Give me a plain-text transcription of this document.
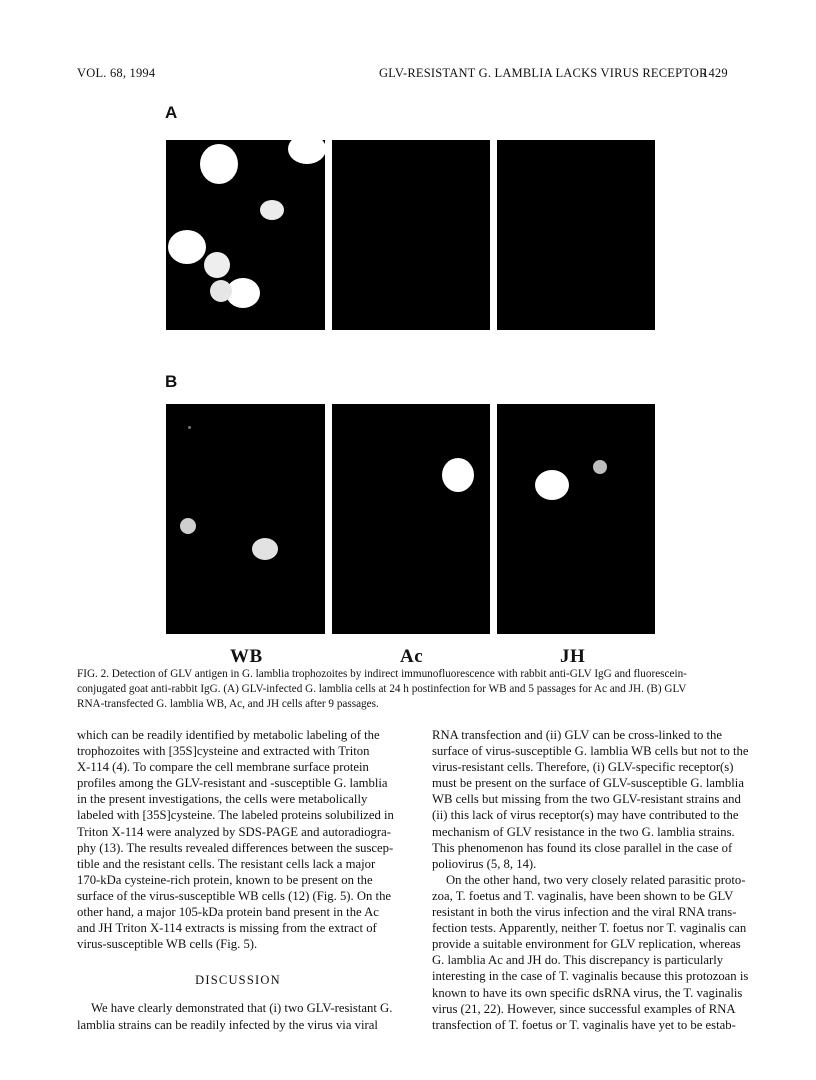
VOL. 68, 1994	GLV-RESISTANT G. LAMBLIA LACKS VIRUS RECEPTOR
1429
A
B
WB	Ac	JH

FIG. 2. Detection of GLV antigen in G. lamblia trophozoites by indirect immunofluorescence with rabbit anti-GLV IgG and fluorescein-

conjugated goat anti-rabbit IgG. (A) GLV-infected G. lamblia cells at 24 h postinfection for WB and 5 passages for Ac and JH. (B) GLV

RNA-transfected G. lamblia WB, Ac, and JH cells after 9 passages.

which can be readily identified by metabolic labeling of the

trophozoites with [35S]cysteine and extracted with Triton

X-114 (4). To compare the cell membrane surface protein

profiles among the GLV-resistant and -susceptible G. lamblia

in the present investigations, the cells were metabolically

labeled with [35S]cysteine. The labeled proteins solubilized in

Triton X-114 were analyzed by SDS-PAGE and autoradiogra-

phy (13). The results revealed differences between the suscep-

tible and the resistant cells. The resistant cells lack a major

170-kDa cysteine-rich protein, known to be present on the

surface of the virus-susceptible WB cells (12) (Fig. 5). On the

other hand, a major 105-kDa protein band present in the Ac

and JH Triton X-114 extracts is missing from the extract of

virus-susceptible WB cells (Fig. 5).

DISCUSSION

We have clearly demonstrated that (i) two GLV-resistant G.

lamblia strains can be readily infected by the virus via viral

RNA transfection and (ii) GLV can be cross-linked to the

surface of virus-susceptible G. lamblia WB cells but not to the

virus-resistant cells. Therefore, (i) GLV-specific receptor(s)

must be present on the surface of GLV-susceptible G. lamblia

WB cells but missing from the two GLV-resistant strains and

(ii) this lack of virus receptor(s) may have contributed to the

mechanism of GLV resistance in the two G. lamblia strains.

This phenomenon has found its close parallel in the case of

poliovirus (5, 8, 14).

On the other hand, two very closely related parasitic proto-

zoa, T. foetus and T. vaginalis, have been shown to be GLV

resistant in both the virus infection and the viral RNA trans-

fection tests. Apparently, neither T. foetus nor T. vaginalis can

provide a suitable environment for GLV replication, whereas

G. lamblia Ac and JH do. This discrepancy is particularly

interesting in the case of T. vaginalis because this protozoan is

known to have its own specific dsRNA virus, the T. vaginalis

virus (21, 22). However, since successful examples of RNA

transfection of T. foetus or T. vaginalis have yet to be estab-
